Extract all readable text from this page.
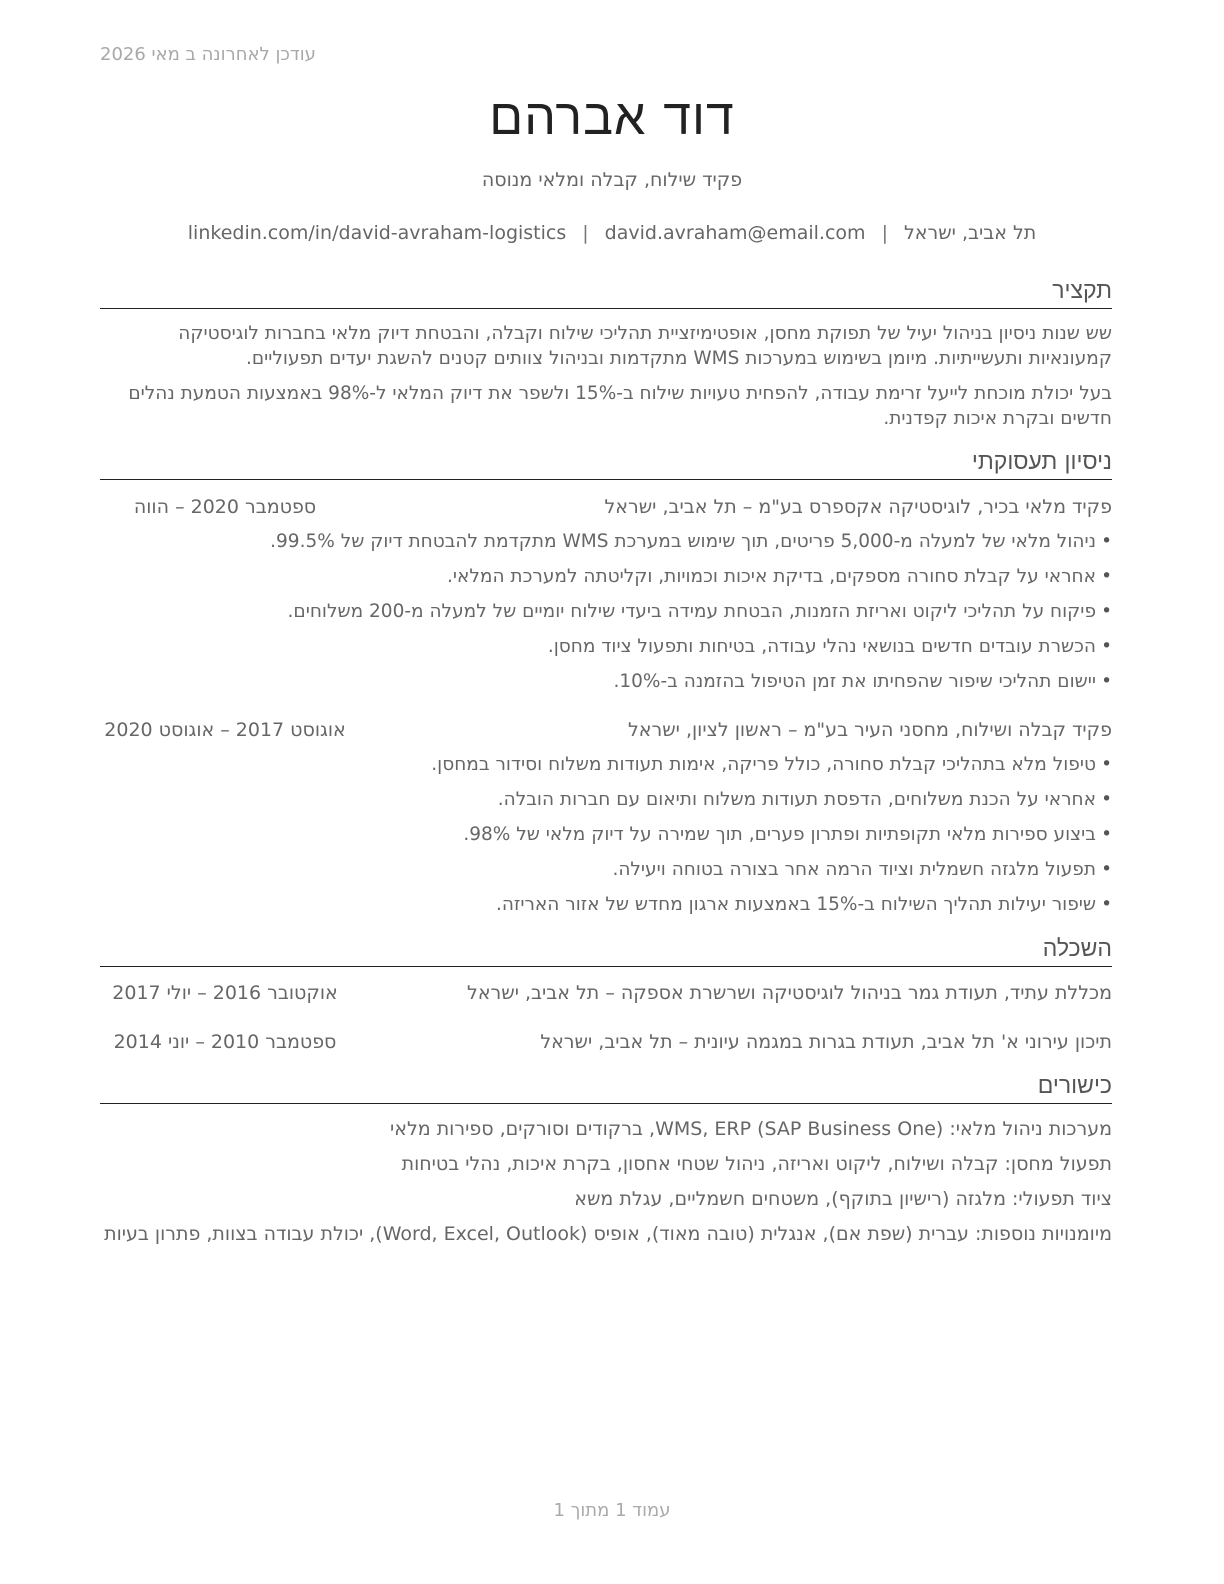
עודכן לאחרונה ב מאי 2026
דוד אברהם
פקיד שילוח, קבלה ומלאי מנוסה
תל אביב, ישראל|david.avraham@email.com|linkedin.com/in/david-avraham-logistics
תקציר

שש שנות ניסיון בניהול יעיל של תפוקת מחסן, אופטימיזציית תהליכי שילוח וקבלה, והבטחת דיוק מלאי בחברות לוגיסטיקה קמעונאיות ותעשייתיות. מיומן בשימוש במערכות WMS מתקדמות ובניהול צוותים קטנים להשגת יעדים תפעוליים.

בעל יכולת מוכחת לייעל זרימת עבודה, להפחית טעויות שילוח ב-15% ולשפר את דיוק המלאי ל-98% באמצעות הטמעת נהלים חדשים ובקרת איכות קפדנית.

ניסיון תעסוקתי
פקיד מלאי בכיר, לוגיסטיקה אקספרס בע"מ – תל אביב, ישראל
ספטמבר 2020 – הווה
• ניהול מלאי של למעלה מ-5,000 פריטים, תוך שימוש במערכת WMS מתקדמת להבטחת דיוק של 99.5%.
• אחראי על קבלת סחורה מספקים, בדיקת איכות וכמויות, וקליטתה למערכת המלאי.
• פיקוח על תהליכי ליקוט ואריזת הזמנות, הבטחת עמידה ביעדי שילוח יומיים של למעלה מ-200 משלוחים.
• הכשרת עובדים חדשים בנושאי נהלי עבודה, בטיחות ותפעול ציוד מחסן.
• יישום תהליכי שיפור שהפחיתו את זמן הטיפול בהזמנה ב-10%.
פקיד קבלה ושילוח, מחסני העיר בע"מ – ראשון לציון, ישראל
אוגוסט 2017 – אוגוסט 2020
• טיפול מלא בתהליכי קבלת סחורה, כולל פריקה, אימות תעודות משלוח וסידור במחסן.
• אחראי על הכנת משלוחים, הדפסת תעודות משלוח ותיאום עם חברות הובלה.
• ביצוע ספירות מלאי תקופתיות ופתרון פערים, תוך שמירה על דיוק מלאי של 98%.
• תפעול מלגזה חשמלית וציוד הרמה אחר בצורה בטוחה ויעילה.
• שיפור יעילות תהליך השילוח ב-15% באמצעות ארגון מחדש של אזור האריזה.
השכלה
מכללת עתיד, תעודת גמר בניהול לוגיסטיקה ושרשרת אספקה – תל אביב, ישראל
אוקטובר 2016 – יולי 2017
תיכון עירוני א' תל אביב, תעודת בגרות במגמה עיונית – תל אביב, ישראל
ספטמבר 2010 – יוני 2014
כישורים

מערכות ניהול מלאי: WMS, ERP (SAP Business One), ברקודים וסורקים, ספירות מלאי

תפעול מחסן: קבלה ושילוח, ליקוט ואריזה, ניהול שטחי אחסון, בקרת איכות, נהלי בטיחות

ציוד תפעולי: מלגזה (רישיון בתוקף), משטחים חשמליים, עגלת משא

מיומנויות נוספות: עברית (שפת אם), אנגלית (טובה מאוד), אופיס (Word, Excel, Outlook), יכולת עבודה בצוות, פתרון בעיות

עמוד 1 מתוך 1
